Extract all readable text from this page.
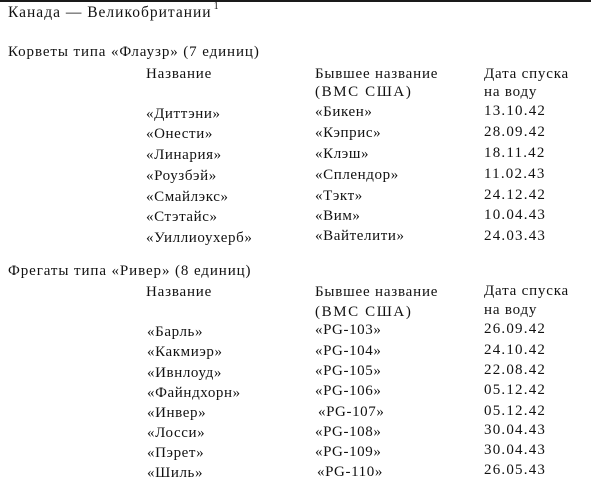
Канада — Великобритании $^1$
Корветы типа «Флаузр» (7 единиц)
Название	Бывшее название
(ВМС США)
Дата спуска
на воду
«Диттэни»	«Бикен»	13.10.42
«Онести»	«Кэприс»	28.09.42
«Линария»	«Клэш»	18.11.42
«Роузбэй»	«Сплендор»	11.02.43
«Смайлэкс»	«Тэкт»	24.12.42
«Стэтайс»	«Вим»	10.04.43
«Уиллиоухерб»	«Вайтелити»	24.03.43
Фрегаты типа «Ривер» (8 единиц)
Название	Бывшее название
(ВМС США)
Дата спуска
на воду
«Барль»	«PG-103»	26.09.42
«Какмиэр»	«PG-104»	24.10.42
«Ивнлоуд»	«PG-105»	22.08.42
«Файндхорн»	«PG-106»	05.12.42
«Инвер»	«PG-107»	05.12.42
«Лосси»	«PG-108»	30.04.43
«Пэрет»	«PG-109»	30.04.43
«Шиль»	«PG-110»	26.05.43
